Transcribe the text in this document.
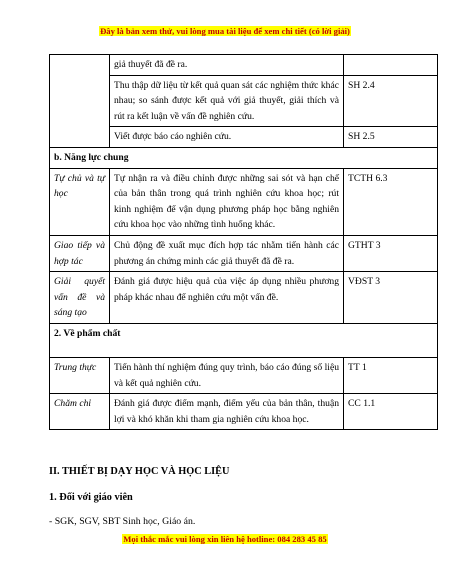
Đây là bản xem thử, vui lòng mua tài liệu để xem chi tiết (có lời giải)
	giả thuyết đã đề ra.	
	Thu thập dữ liệu từ kết quả quan sát các nghiệm thức khác nhau; so sánh được kết quả với giả thuyết, giải thích và rút ra kết luận về vấn đề nghiên cứu.	SH 2.4
	Viết được báo cáo nghiên cứu.	SH 2.5
b. Năng lực chung		
Tự chủ và tự học	Tự nhận ra và điều chỉnh được những sai sót và hạn chế của bản thân trong quá trình nghiên cứu khoa học; rút kinh nghiệm để vận dụng phương pháp học bằng nghiên cứu khoa học vào những tình huống khác.	TCTH 6.3
Giao tiếp và hợp tác	Chủ động đề xuất mục đích hợp tác nhằm tiến hành các phương án chứng minh các giả thuyết đã đề ra.	GTHT 3
Giải quyết vấn đề và sáng tạo	Đánh giá được hiệu quả của việc áp dụng nhiều phương pháp khác nhau để nghiên cứu một vấn đề.	VĐST 3
2. Về phẩm chất		
Trung thực	Tiến hành thí nghiệm đúng quy trình, báo cáo đúng số liệu và kết quả nghiên cứu.	TT 1
Chăm chỉ	Đánh giá được điểm mạnh, điểm yếu của bản thân, thuận lợi và khó khăn khi tham gia nghiên cứu khoa học.	CC 1.1
II. THIẾT BỊ DẠY HỌC VÀ HỌC LIỆU
1. Đối với giáo viên
- SGK, SGV, SBT Sinh học, Giáo án.
Mọi thắc mắc vui lòng xin liên hệ hotline: 084 283 45 85
